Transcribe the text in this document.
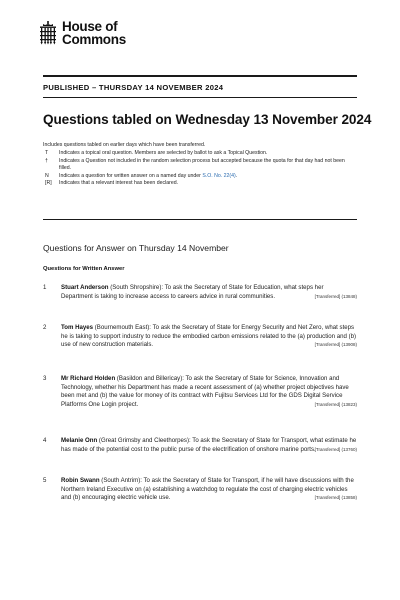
House of
Commons
PUBLISHED – THURSDAY 14 NOVEMBER 2024
Questions tabled on Wednesday 13 November 2024
Includes questions tabled on earlier days which have been transferred.
T	Indicates a topical oral question. Members are selected by ballot to ask a Topical Question.
†	Indicates a Question not included in the random selection process but accepted because the quota for that day had not been filled.
N	Indicates a question for written answer on a named day under S.O. No. 22(4).
[R]	Indicates that a relevant interest has been declared.
Questions for Answer on Thursday 14 November
Questions for Written Answer
1 Stuart Anderson (South Shropshire): To ask the Secretary of State for Education, what steps her Department is taking to increase access to careers advice in rural communities.	[Transferred] (13848)
2 Tom Hayes (Bournemouth East): To ask the Secretary of State for Energy Security and Net Zero, what steps he is taking to support industry to reduce the embodied carbon emissions related to the (a) production and (b) use of new construction materials.	[Transferred] (13908)
3 Mr Richard Holden (Basildon and Billericay): To ask the Secretary of State for Science, Innovation and Technology, whether his Department has made a recent assessment of (a) whether project objectives have been met and (b) the value for money of its contract with Fujitsu Services Ltd for the GDS Digital Service Platforms One Login project.	[Transferred] (13823)
4 Melanie Onn (Great Grimsby and Cleethorpes): To ask the Secretary of State for Transport, what estimate he has made of the potential cost to the public purse of the electrification of onshore marine ports.
[Transferred] (13760)
5 Robin Swann (South Antrim): To ask the Secretary of State for Transport, if he will have discussions with the Northern Ireland Executive on (a) establishing a watchdog to regulate the cost of charging electric vehicles and (b) encouraging electric vehicle use.	[Transferred] (13858)
